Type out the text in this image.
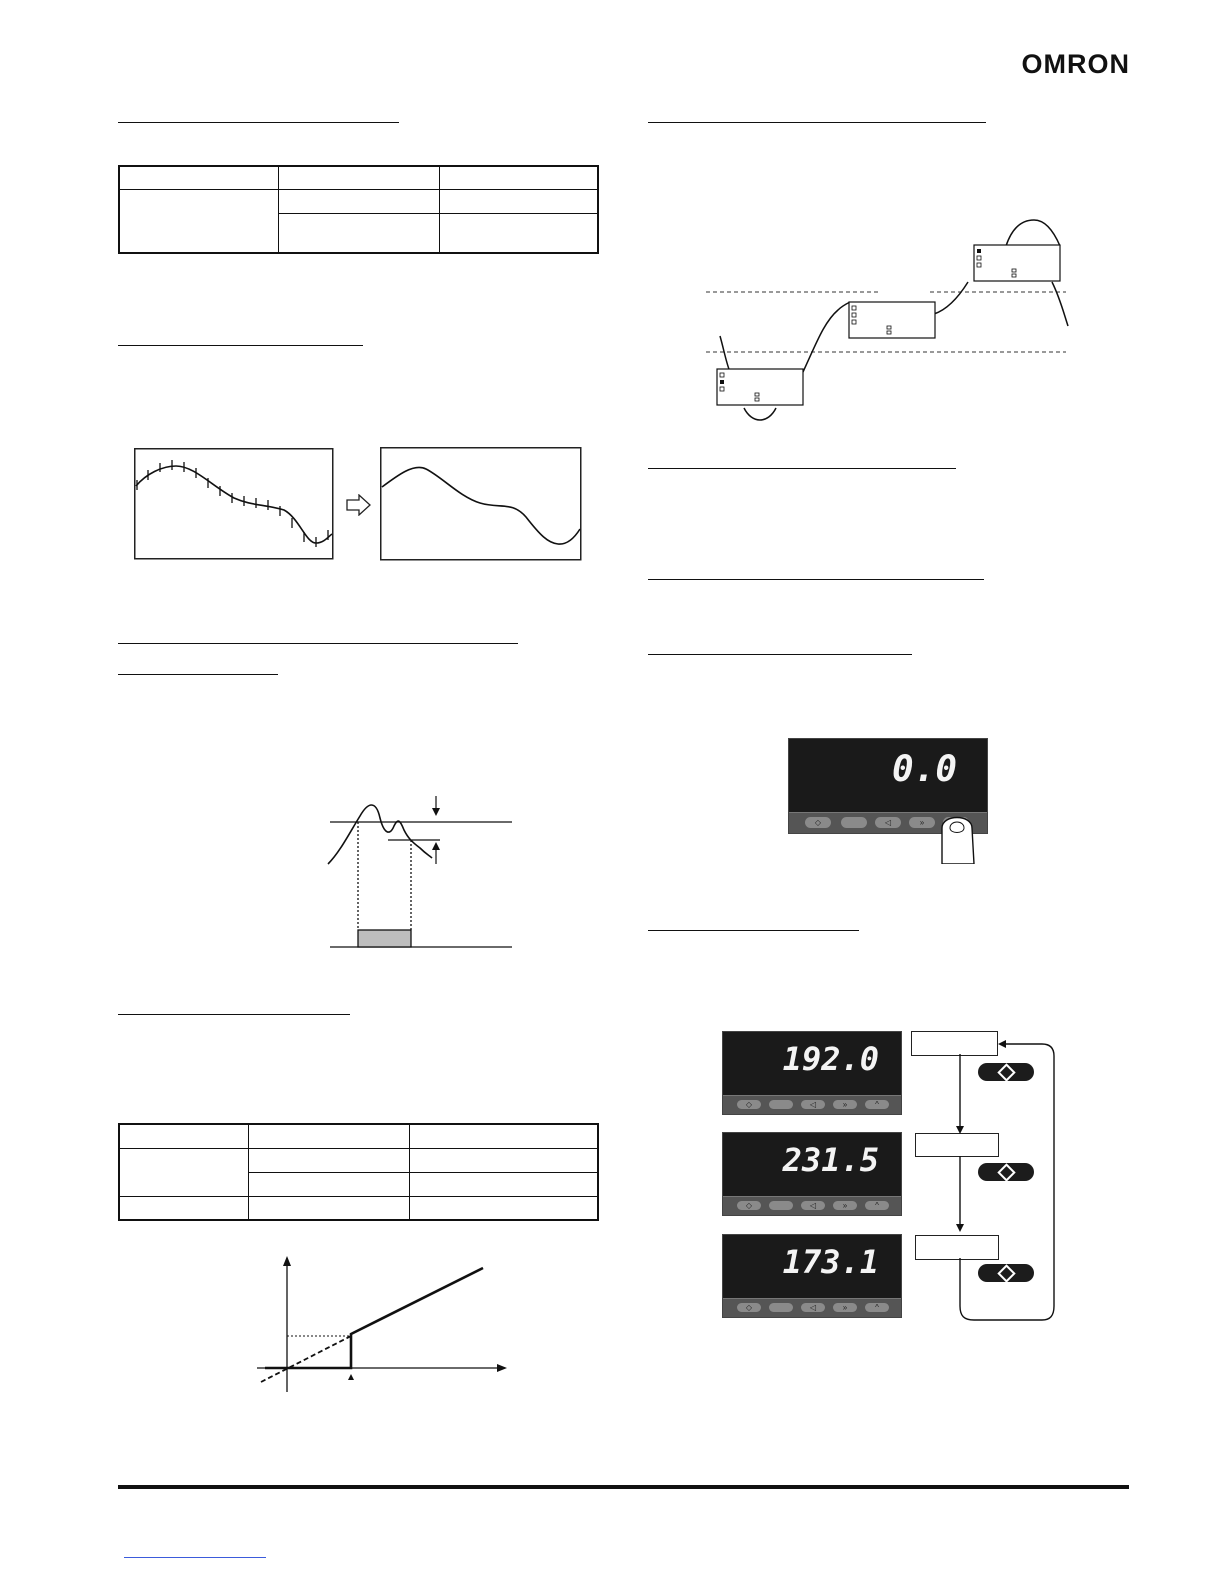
OMRON

0.0
◇	◁	»
192.0
◇	◁	»	^
231.5
◇	◁	»	^
173.1
◇	◁	»	^
